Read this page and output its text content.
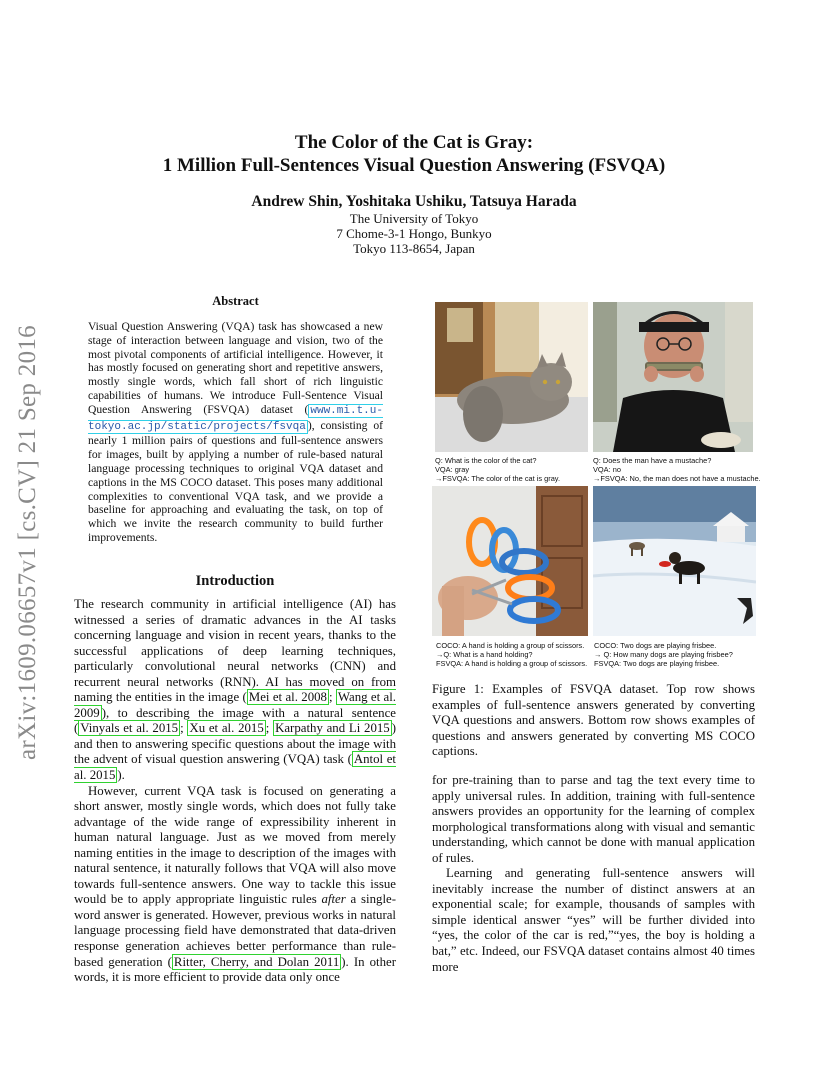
arXiv:1609.06657v1 [cs.CV] 21 Sep 2016
The Color of the Cat is Gray:
1 Million Full-Sentences Visual Question Answering (FSVQA)
Andrew Shin, Yoshitaka Ushiku, Tatsuya Harada
The University of Tokyo
7 Chome-3-1 Hongo, Bunkyo
Tokyo 113-8654, Japan
Abstract
Visual Question Answering (VQA) task has showcased a new stage of interaction between language and vision, two of the most pivotal components of artificial intelligence. However, it has mostly focused on generating short and repetitive answers, mostly single words, which fall short of rich linguistic capabilities of humans. We introduce Full-Sentence Visual Question Answering (FSVQA) dataset ( www.mi.t.u-tokyo.ac.jp/static/projects/fsvqa ), consisting of nearly 1 million pairs of questions and full-sentence answers for images, built by applying a number of rule-based natural language processing techniques to original VQA dataset and captions in the MS COCO dataset. This poses many additional complexities to conventional VQA task, and we provide a baseline for approaching and evaluating the task, on top of which we invite the research community to build further improvements.
Introduction

The research community in artificial intelligence (AI) has witnessed a series of dramatic advances in the AI tasks concerning language and vision in recent years, thanks to the successful applications of deep learning techniques, particularly convolutional neural networks (CNN) and recurrent neural networks (RNN). AI has moved on from naming the entities in the image ( Mei et al. 2008 ; Wang et al. 2009 ), to describing the image with a natural sentence ( Vinyals et al. 2015 ; Xu et al. 2015 ; Karpathy and Li 2015 ) and then to answering specific questions about the image with the advent of visual question answering (VQA) task ( Antol et al. 2015 ).

However, current VQA task is focused on generating a short answer, mostly single words, which does not fully take advantage of the wide range of expressibility inherent in human natural language. Just as we moved from merely naming entities in the image to description of the images with natural sentence, it naturally follows that VQA will also move towards full-sentence answers. One way to tackle this issue would be to apply appropriate linguistic rules after a single-word answer is generated. However, previous works in natural language processing field have demonstrated that data-driven response generation achieves better performance than rule-based generation ( Ritter, Cherry, and Dolan 2011 ). In other words, it is more efficient to provide data only once

Q: What is the color of the cat?
VQA: gray
→FSVQA: The color of the cat is gray.
Q: Does the man have a mustache?
VQA: no
→FSVQA: No, the man does not have a mustache.
COCO: A hand is holding a group of scissors.
→Q: What is a hand holding?
FSVQA: A hand is holding a group of scissors.
COCO: Two dogs are playing frisbee.
→ Q: How many dogs are playing frisbee?
FSVQA: Two dogs are playing frisbee.
Figure 1: Examples of FSVQA dataset. Top row shows examples of full-sentence answers generated by converting VQA questions and answers. Bottom row shows examples of questions and answers generated by converting MS COCO captions.

for pre-training than to parse and tag the text every time to apply universal rules. In addition, training with full-sentence answers provides an opportunity for the learning of complex morphological transformations along with visual and semantic understanding, which cannot be done with manual application of rules.

Learning and generating full-sentence answers will inevitably increase the number of distinct answers at an exponential scale; for example, thousands of samples with simple identical answer “yes” will be further divided into “yes, the color of the car is red,”“yes, the boy is holding a bat,” etc. Indeed, our FSVQA dataset contains almost 40 times more
